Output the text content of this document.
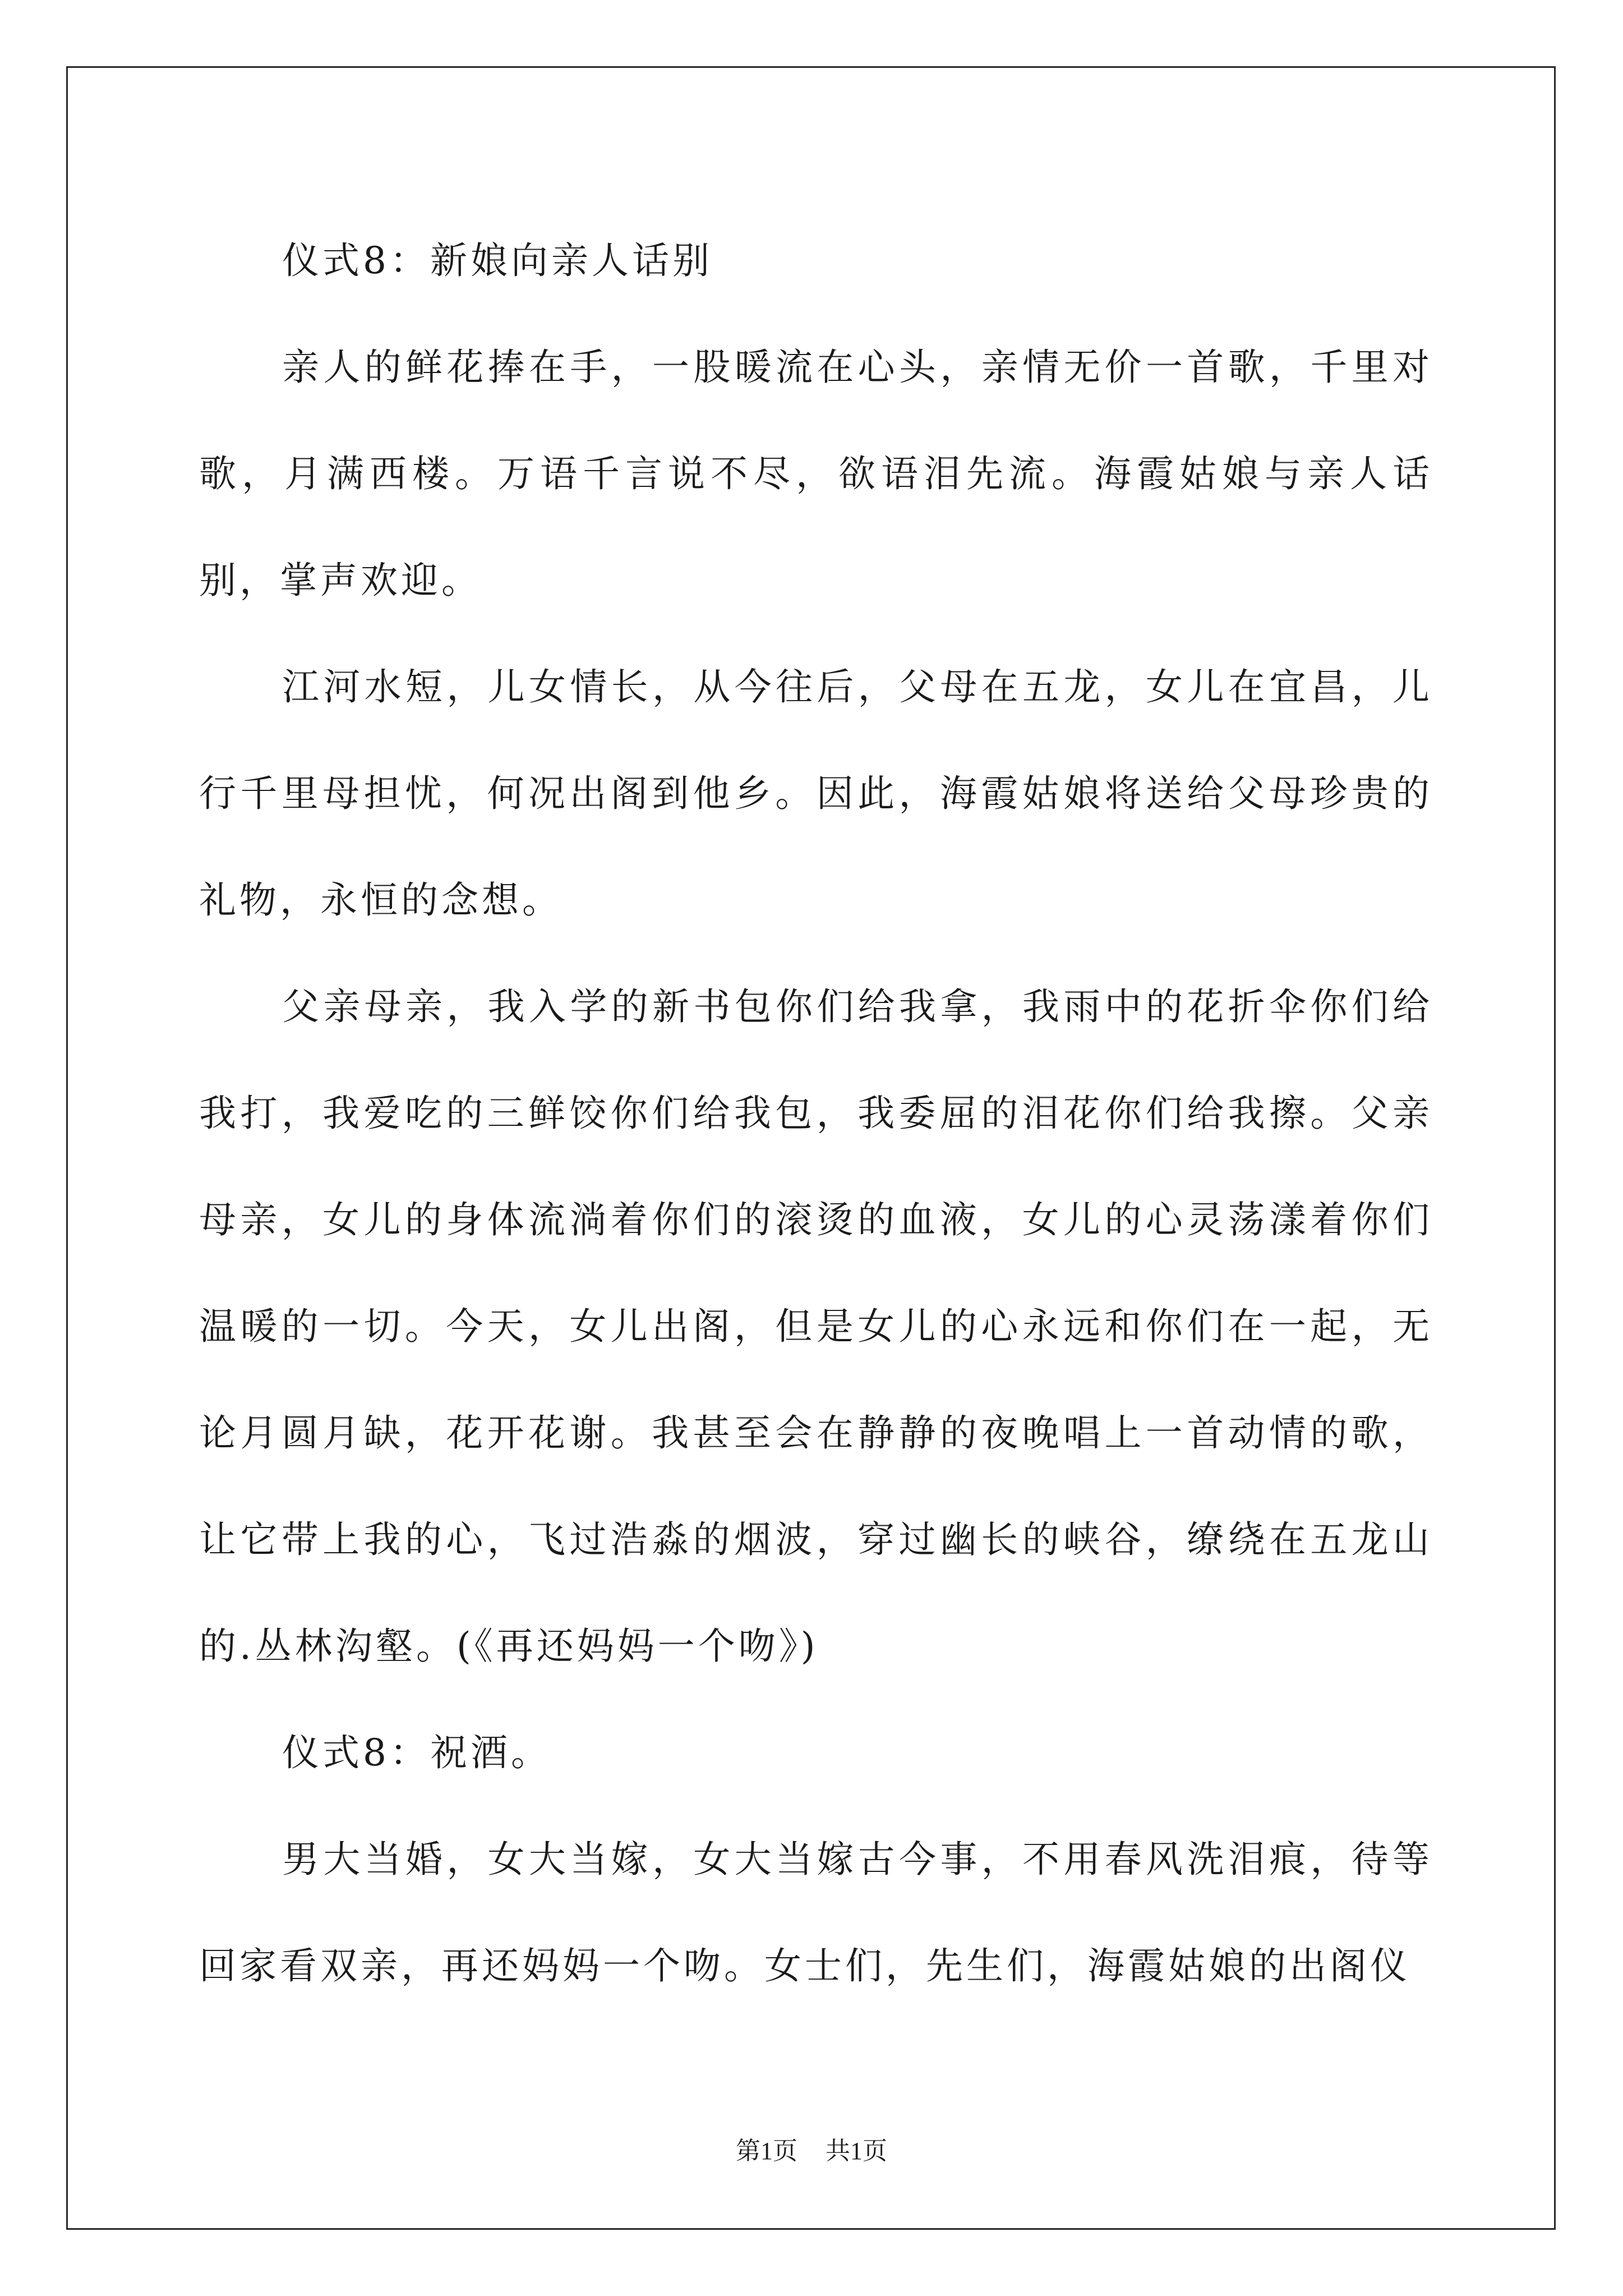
仪式8：新娘向亲人话别

亲人的鲜花捧在手，一股暖流在心头，亲情无价一首歌，千里对歌，月满西楼。万语千言说不尽，欲语泪先流。海霞姑娘与亲人话别，掌声欢迎。

江河水短，儿女情长，从今往后，父母在五龙，女儿在宜昌，儿行千里母担忧，何况出阁到他乡。因此，海霞姑娘将送给父母珍贵的礼物，永恒的念想。

父亲母亲，我入学的新书包你们给我拿，我雨中的花折伞你们给我打，我爱吃的三鲜饺你们给我包，我委屈的泪花你们给我擦。父亲母亲，女儿的身体流淌着你们的滚烫的血液，女儿的心灵荡漾着你们温暖的一切。今天，女儿出阁，但是女儿的心永远和你们在一起，无论月圆月缺，花开花谢。我甚至会在静静的夜晚唱上一首动情的歌，让它带上我的心，飞过浩淼的烟波，穿过幽长的峡谷，缭绕在五龙山的.丛林沟壑。(《再还妈妈一个吻》)

仪式8：祝酒。

男大当婚，女大当嫁，女大当嫁古今事，不用春风洗泪痕，待等回家看双亲，再还妈妈一个吻。女士们，先生们，海霞姑娘的出阁仪

第1页 共1页
